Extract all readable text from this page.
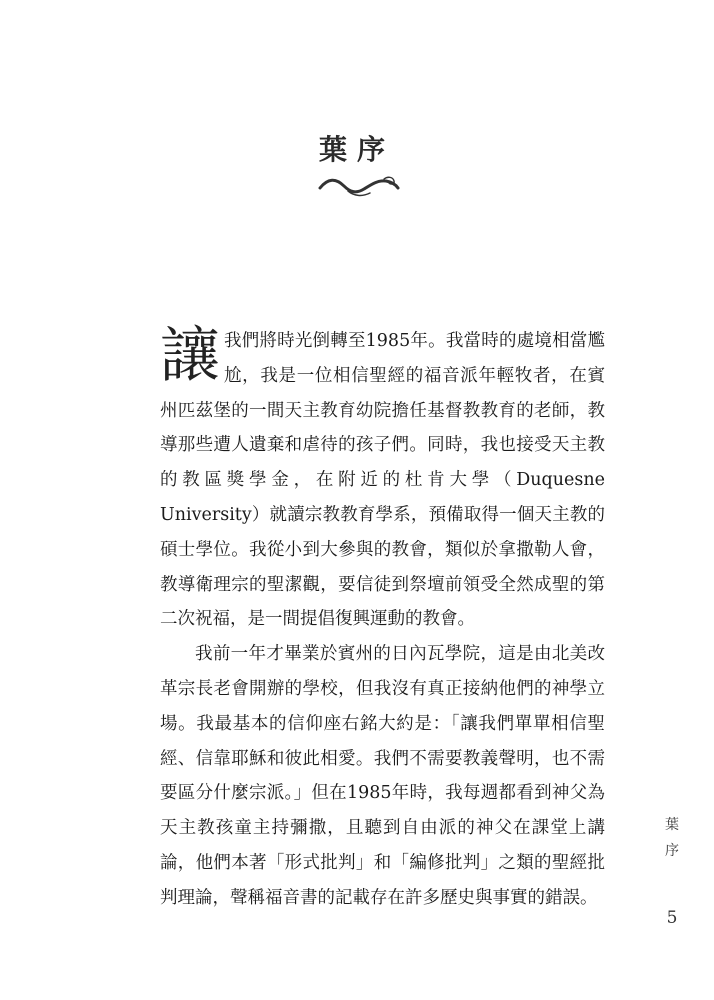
葉序

讓我們將時光倒轉至1985年。我當時的處境相當尷尬，我是一位相信聖經的福音派年輕牧者，在賓州匹茲堡的一間天主教育幼院擔任基督教教育的老師，教導那些遭人遺棄和虐待的孩子們。同時，我也接受天主教的教區獎學金，在附近的杜肯大學（Duquesne University）就讀宗教教育學系，預備取得一個天主教的碩士學位。我從小到大參與的教會，類似於拿撒勒人會，教導衛理宗的聖潔觀，要信徒到祭壇前領受全然成聖的第二次祝福，是一間提倡復興運動的教會。

我前一年才畢業於賓州的日內瓦學院，這是由北美改革宗長老會開辦的學校，但我沒有真正接納他們的神學立場。我最基本的信仰座右銘大約是：「讓我們單單相信聖經、信靠耶穌和彼此相愛。我們不需要教義聲明，也不需要區分什麼宗派。」但在1985年時，我每週都看到神父為天主教孩童主持彌撒，且聽到自由派的神父在課堂上講論，他們本著「形式批判」和「編修批判」之類的聖經批判理論，聲稱福音書的記載存在許多歷史與事實的錯誤。

葉
序
5
